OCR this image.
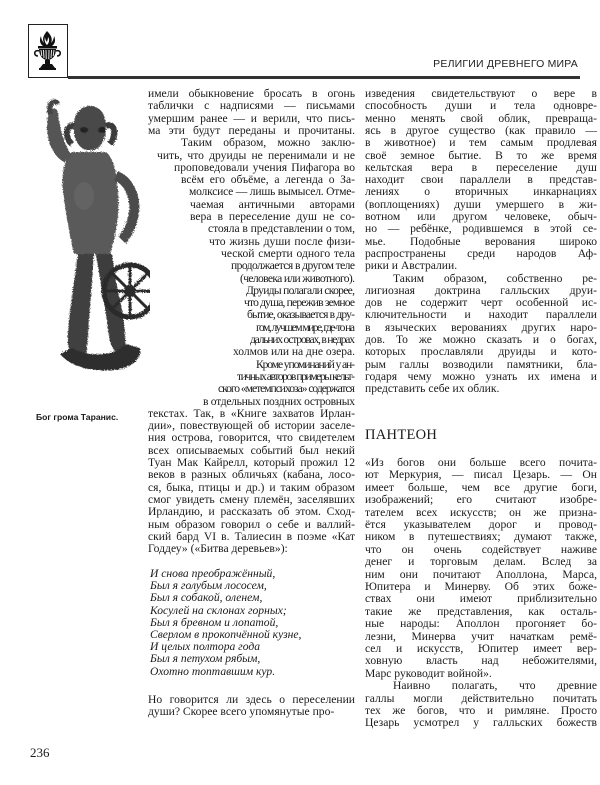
РЕЛИГИИ ДРЕВНЕГО МИРА
Бог грома Таранис.
имели обыкновение бросать в огонь
таблички с надписями — письмами
умершим ранее — и верили, что пись-
ма эти будут переданы и прочитаны.
Таким образом, можно заклю-
чить, что друиды не перенимали и не
проповедовали учения Пифагора во
всём его объёме, а легенда о За-
молксисе — лишь вымысел. Отме-
чаемая античными авторами
вера в переселение душ не со-
стояла в представлении о том,
что жизнь души после физи-
ческой смерти одного тела
продолжается в другом теле
(человека или животного).
Друиды полагали скорее,
что душа, пережив земное
бытие, оказывается в дру-
гом, лучшем мире, где-то на
дальних островах, в недрах
холмов или на дне озера.
Кроме упоминаний у ан-
тичных авторов примеры кельт-
ского «метемпсихоза» содержатся
в отдельных поздних островных
текстах. Так, в «Книге захватов Ирлан-
дии», повествующей об истории заселе-
ния острова, говорится, что свидетелем
всех описываемых событий был некий
Туан Мак Кайрелл, который прожил 12
веков в разных обличьях (кабана, лосо-
ся, быка, птицы и др.) и таким образом
смог увидеть смену племён, заселявших
Ирландию, и рассказать об этом. Сход-
ным образом говорил о себе и валлий-
ский бард VI в. Талиесин в поэме «Кат
Годдеу» («Битва деревьев»):
И снова преображённый,
Был я голубым лососем,
Был я собакой, оленем,
Косулей на склонах горных;
Был я бревном и лопатой,
Сверлом в прокопчённой кузне,
И целых полтора года
Был я петухом рябым,
Охотно топтавшим кур.
Но говорится ли здесь о переселении
души? Скорее всего упомянутые про-
изведения свидетельствуют о вере в
способность души и тела одновре-
менно менять свой облик, превраща-
ясь в другое существо (как правило —
в животное) и тем самым продлевая
своё земное бытие. В то же время
кельтская вера в переселение душ
находит свои параллели в представ-
лениях о вторичных инкарнациях
(воплощениях) души умершего в жи-
вотном или другом человеке, обыч-
но — ребёнке, родившемся в этой се-
мье. Подобные верования широко
распространены среди народов Аф-
рики и Австралии.
Таким образом, собственно ре-
лигиозная доктрина галльских друи-
дов не содержит черт особенной ис-
ключительности и находит параллели
в языческих верованиях других наро-
дов. То же можно сказать и о богах,
которых прославляли друиды и кото-
рым галлы возводили памятники, бла-
годаря чему можно узнать их имена и
представить себе их облик.
«Из богов они больше всего почита-
ют Меркурия, — писал Цезарь. — Он
имеет больше, чем все другие боги,
изображений; его считают изобре-
тателем всех искусств; он же призна-
ётся указывателем дорог и провод-
ником в путешествиях; думают также,
что он очень содействует наживе
денег и торговым делам. Вслед за
ним они почитают Аполлона, Марса,
Юпитера и Минерву. Об этих боже-
ствах они имеют приблизительно
такие же представления, как осталь-
ные народы: Аполлон прогоняет бо-
лезни, Минерва учит начаткам ремё-
сел и искусств, Юпитер имеет вер-
ховную власть над небожителями,
Марс руководит войной».
Наивно полагать, что древние
галлы могли действительно почитать
тех же богов, что и римляне. Просто
Цезарь усмотрел у галльских божеств
ПАНТЕОН
236
